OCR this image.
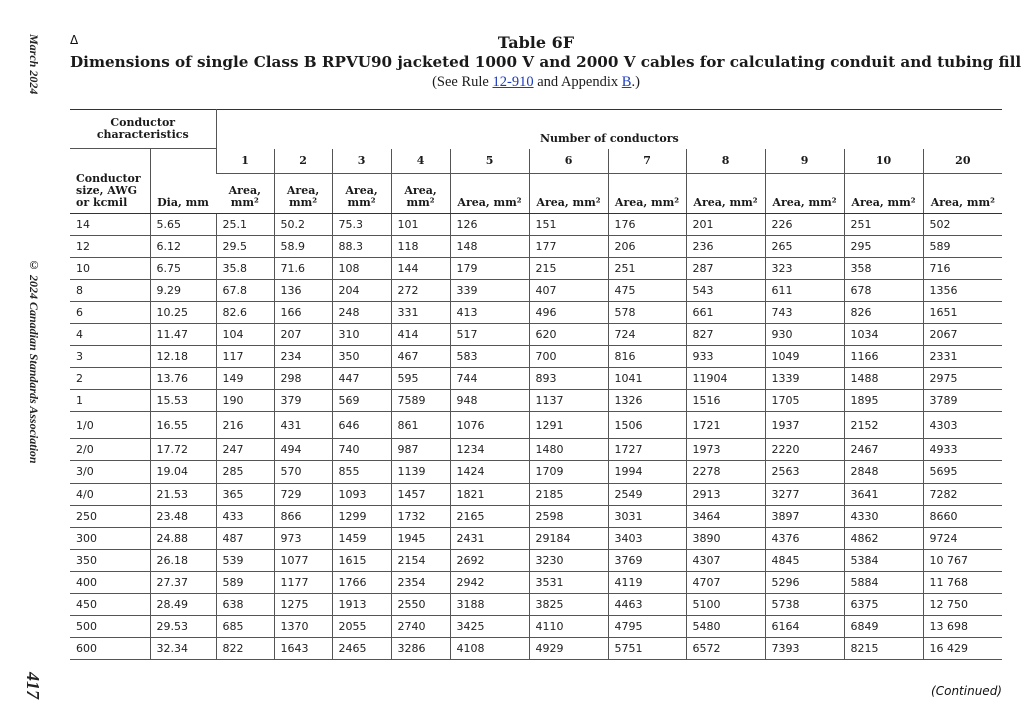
March 2024
© 2024 Canadian Standards Association
417
Δ	Table 6F
Dimensions of single Class B RPVU90 jacketed 1000 V and 2000 V cables for calculating conduit and tubing fill
(See Rule 12-910 and Appendix B.)
Conductor characteristics		Number of conductors										
Conductor size, AWG or kcmil	Dia, mm	1	2	3	4	5	6	7	8	9	10	20
		Area, mm²	Area, mm²	Area, mm²	Area, mm²	Area, mm²	Area, mm²	Area, mm²	Area, mm²	Area, mm²	Area, mm²	Area, mm²
14	5.65	25.1	50.2	75.3	101	126	151	176	201	226	251	502
12	6.12	29.5	58.9	88.3	118	148	177	206	236	265	295	589
10	6.75	35.8	71.6	108	144	179	215	251	287	323	358	716
8	9.29	67.8	136	204	272	339	407	475	543	611	678	1356
6	10.25	82.6	166	248	331	413	496	578	661	743	826	1651
4	11.47	104	207	310	414	517	620	724	827	930	1034	2067
3	12.18	117	234	350	467	583	700	816	933	1049	1166	2331
2	13.76	149	298	447	595	744	893	1041	11904	1339	1488	2975
1	15.53	190	379	569	7589	948	1137	1326	1516	1705	1895	3789
1/0	16.55	216	431	646	861	1076	1291	1506	1721	1937	2152	4303
2/0	17.72	247	494	740	987	1234	1480	1727	1973	2220	2467	4933
3/0	19.04	285	570	855	1139	1424	1709	1994	2278	2563	2848	5695
4/0	21.53	365	729	1093	1457	1821	2185	2549	2913	3277	3641	7282
250	23.48	433	866	1299	1732	2165	2598	3031	3464	3897	4330	8660
300	24.88	487	973	1459	1945	2431	29184	3403	3890	4376	4862	9724
350	26.18	539	1077	1615	2154	2692	3230	3769	4307	4845	5384	10 767
400	27.37	589	1177	1766	2354	2942	3531	4119	4707	5296	5884	11 768
450	28.49	638	1275	1913	2550	3188	3825	4463	5100	5738	6375	12 750
500	29.53	685	1370	2055	2740	3425	4110	4795	5480	6164	6849	13 698
600	32.34	822	1643	2465	3286	4108	4929	5751	6572	7393	8215	16 429
(Continued)
